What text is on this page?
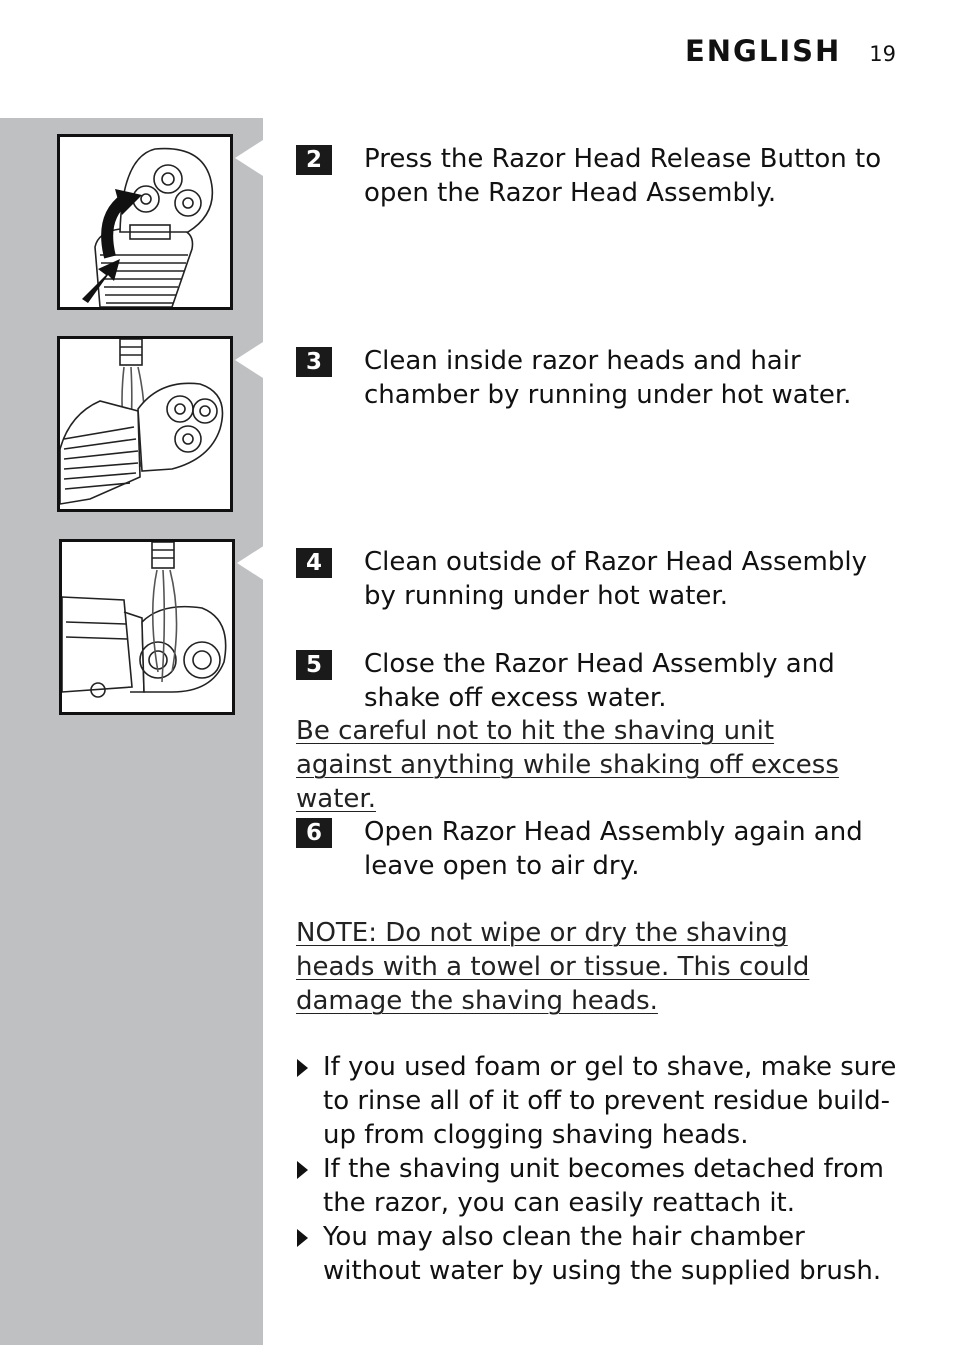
ENGLISH 19
2	Press the Razor Head Release Button to open the Razor Head Assembly.
3	Clean inside razor heads and hair chamber by running under hot water.
4	Clean outside of Razor Head Assembly by running under hot water.
5	Close the Razor Head Assembly and shake off excess water.
Be careful not to hit the shaving unit against anything while shaking off excess water.
6	Open Razor Head Assembly again and leave open to air dry.
NOTE: Do not wipe or dry the shaving heads with a towel or tissue. This could damage the shaving heads.
If you used foam or gel to shave, make sure to rinse all of it off to prevent residue build-up from clogging shaving heads.
If the shaving unit becomes detached from the razor, you can easily reattach it.
You may also clean the hair chamber without water by using the supplied brush.
